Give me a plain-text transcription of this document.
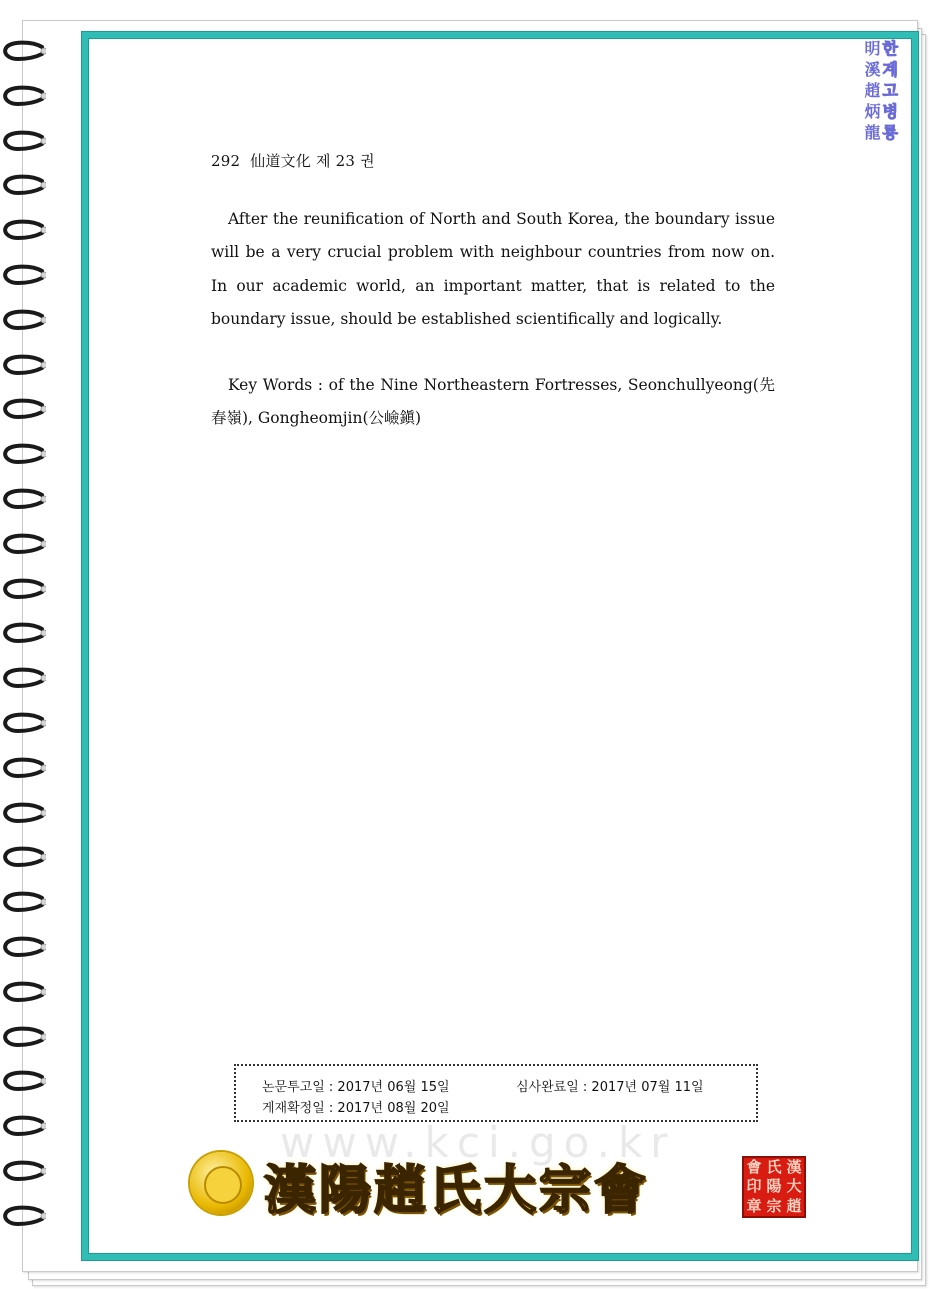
한
계
고
병
룡
明
溪
趙
炳
龍
292 仙道文化 제 23 권
After the reunification of North and South Korea, the boundary issue will be a very crucial problem with neighbour countries from now on. In our academic world, an important matter, that is related to the boundary issue, should be established scientifically and logically.
Key Words : of the Nine Northeastern Fortresses, Seonchullyeong(先春嶺), Gongheomjin(公嶮鎭)
www.kci.go.kr
논문투고일 : 2017년 06월 15일	심사완료일 : 2017년 07월 11일
게재확정일 : 2017년 08월 20일
漢陽趙氏大宗會	會 氏 漢
印 陽 大
章 宗 趙
